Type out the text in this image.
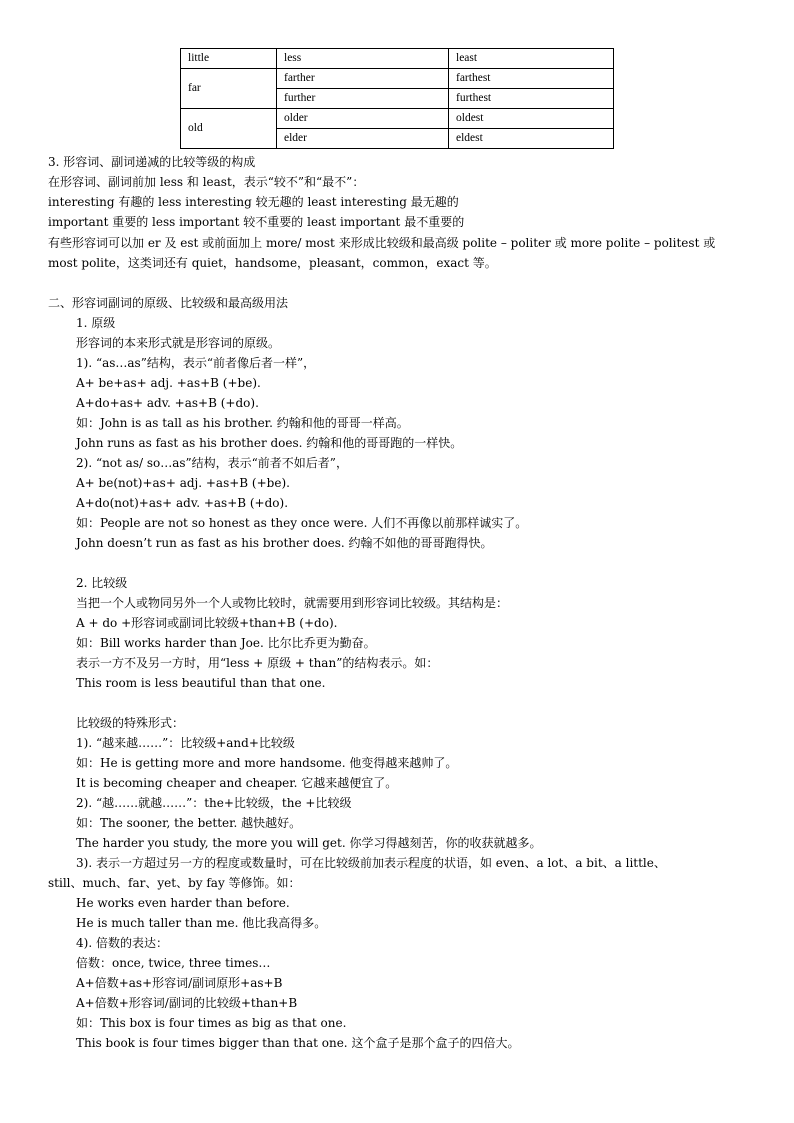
little	less	least
far	farther	farthest
	further	furthest
old	older	oldest
	elder	eldest
3. 形容词、副词递减的比较等级的构成
在形容词、副词前加 less 和 least，表示“较不”和“最不”：
interesting 有趣的 less interesting 较无趣的 least interesting 最无趣的
important 重要的 less important 较不重要的 least important 最不重要的
有些形容词可以加 er 及 est 或前面加上 more/ most 来形成比较级和最高级 polite – politer 或 more polite – politest 或
most polite，这类词还有 quiet，handsome，pleasant，common，exact 等。
二、形容词副词的原级、比较级和最高级用法
1. 原级
形容词的本来形式就是形容词的原级。
1). “as…as”结构，表示“前者像后者一样”，
A+ be+as+ adj. +as+B (+be).
A+do+as+ adv. +as+B (+do).
如：John is as tall as his brother. 约翰和他的哥哥一样高。
John runs as fast as his brother does. 约翰和他的哥哥跑的一样快。
2). “not as/ so…as”结构，表示“前者不如后者”，
A+ be(not)+as+ adj. +as+B (+be).
A+do(not)+as+ adv. +as+B (+do).
如：People are not so honest as they once were. 人们不再像以前那样诚实了。
John doesn’t run as fast as his brother does. 约翰不如他的哥哥跑得快。
2. 比较级
当把一个人或物同另外一个人或物比较时，就需要用到形容词比较级。其结构是：
A + do +形容词或副词比较级+than+B (+do).
如：Bill works harder than Joe. 比尔比乔更为勤奋。
表示一方不及另一方时，用“less + 原级 + than”的结构表示。如：
This room is less beautiful than that one.
比较级的特殊形式：
1). “越来越……”：比较级+and+比较级
如：He is getting more and more handsome. 他变得越来越帅了。
It is becoming cheaper and cheaper. 它越来越便宜了。
2). “越……就越……”：the+比较级，the +比较级
如：The sooner, the better. 越快越好。
The harder you study, the more you will get. 你学习得越刻苦，你的收获就越多。
3). 表示一方超过另一方的程度或数量时，可在比较级前加表示程度的状语，如 even、a lot、a bit、a little、
still、much、far、yet、by fay 等修饰。如：
He works even harder than before.
He is much taller than me. 他比我高得多。
4). 倍数的表达：
倍数：once, twice, three times…
A+倍数+as+形容词/副词原形+as+B
A+倍数+形容词/副词的比较级+than+B
如：This box is four times as big as that one.
This book is four times bigger than that one. 这个盒子是那个盒子的四倍大。
